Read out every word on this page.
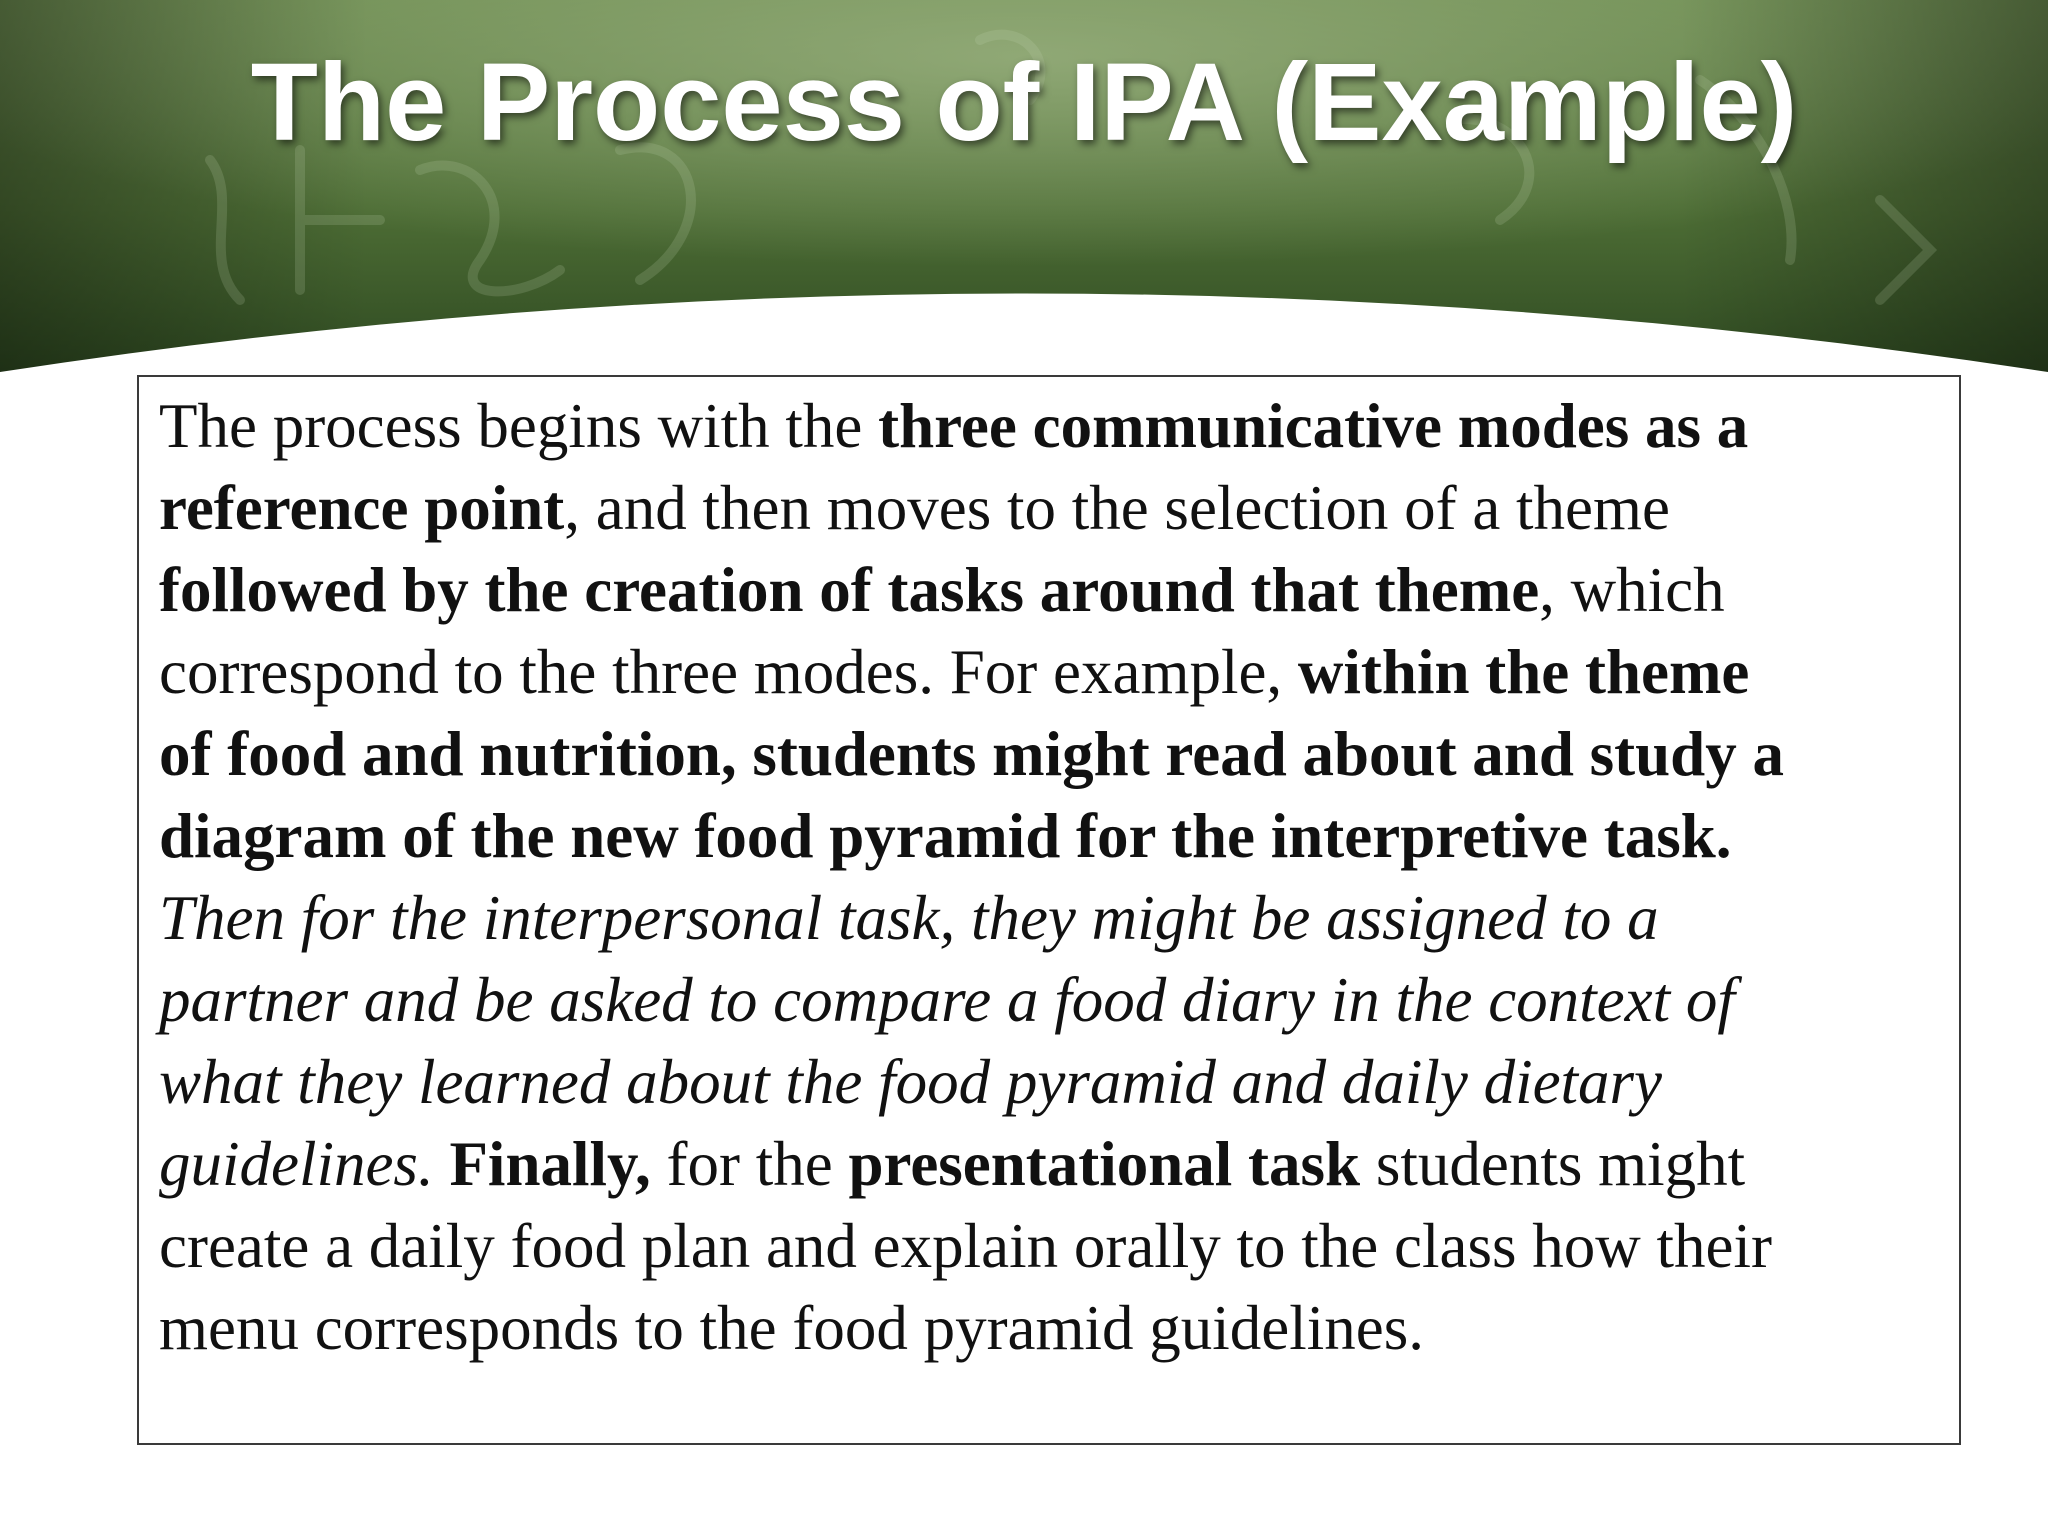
The Process of IPA (Example)

The process begins with the three communicative modes as a
reference point, and then moves to the selection of a theme
followed by the creation of tasks around that theme, which
correspond to the three modes. For example, within the theme
of food and nutrition, students might read about and study a
diagram of the new food pyramid for the interpretive task.
Then for the interpersonal task, they might be assigned to a
partner and be asked to compare a food diary in the context of
what they learned about the food pyramid and daily dietary
guidelines. Finally, for the presentational task students might
create a daily food plan and explain orally to the class how their
menu corresponds to the food pyramid guidelines.
